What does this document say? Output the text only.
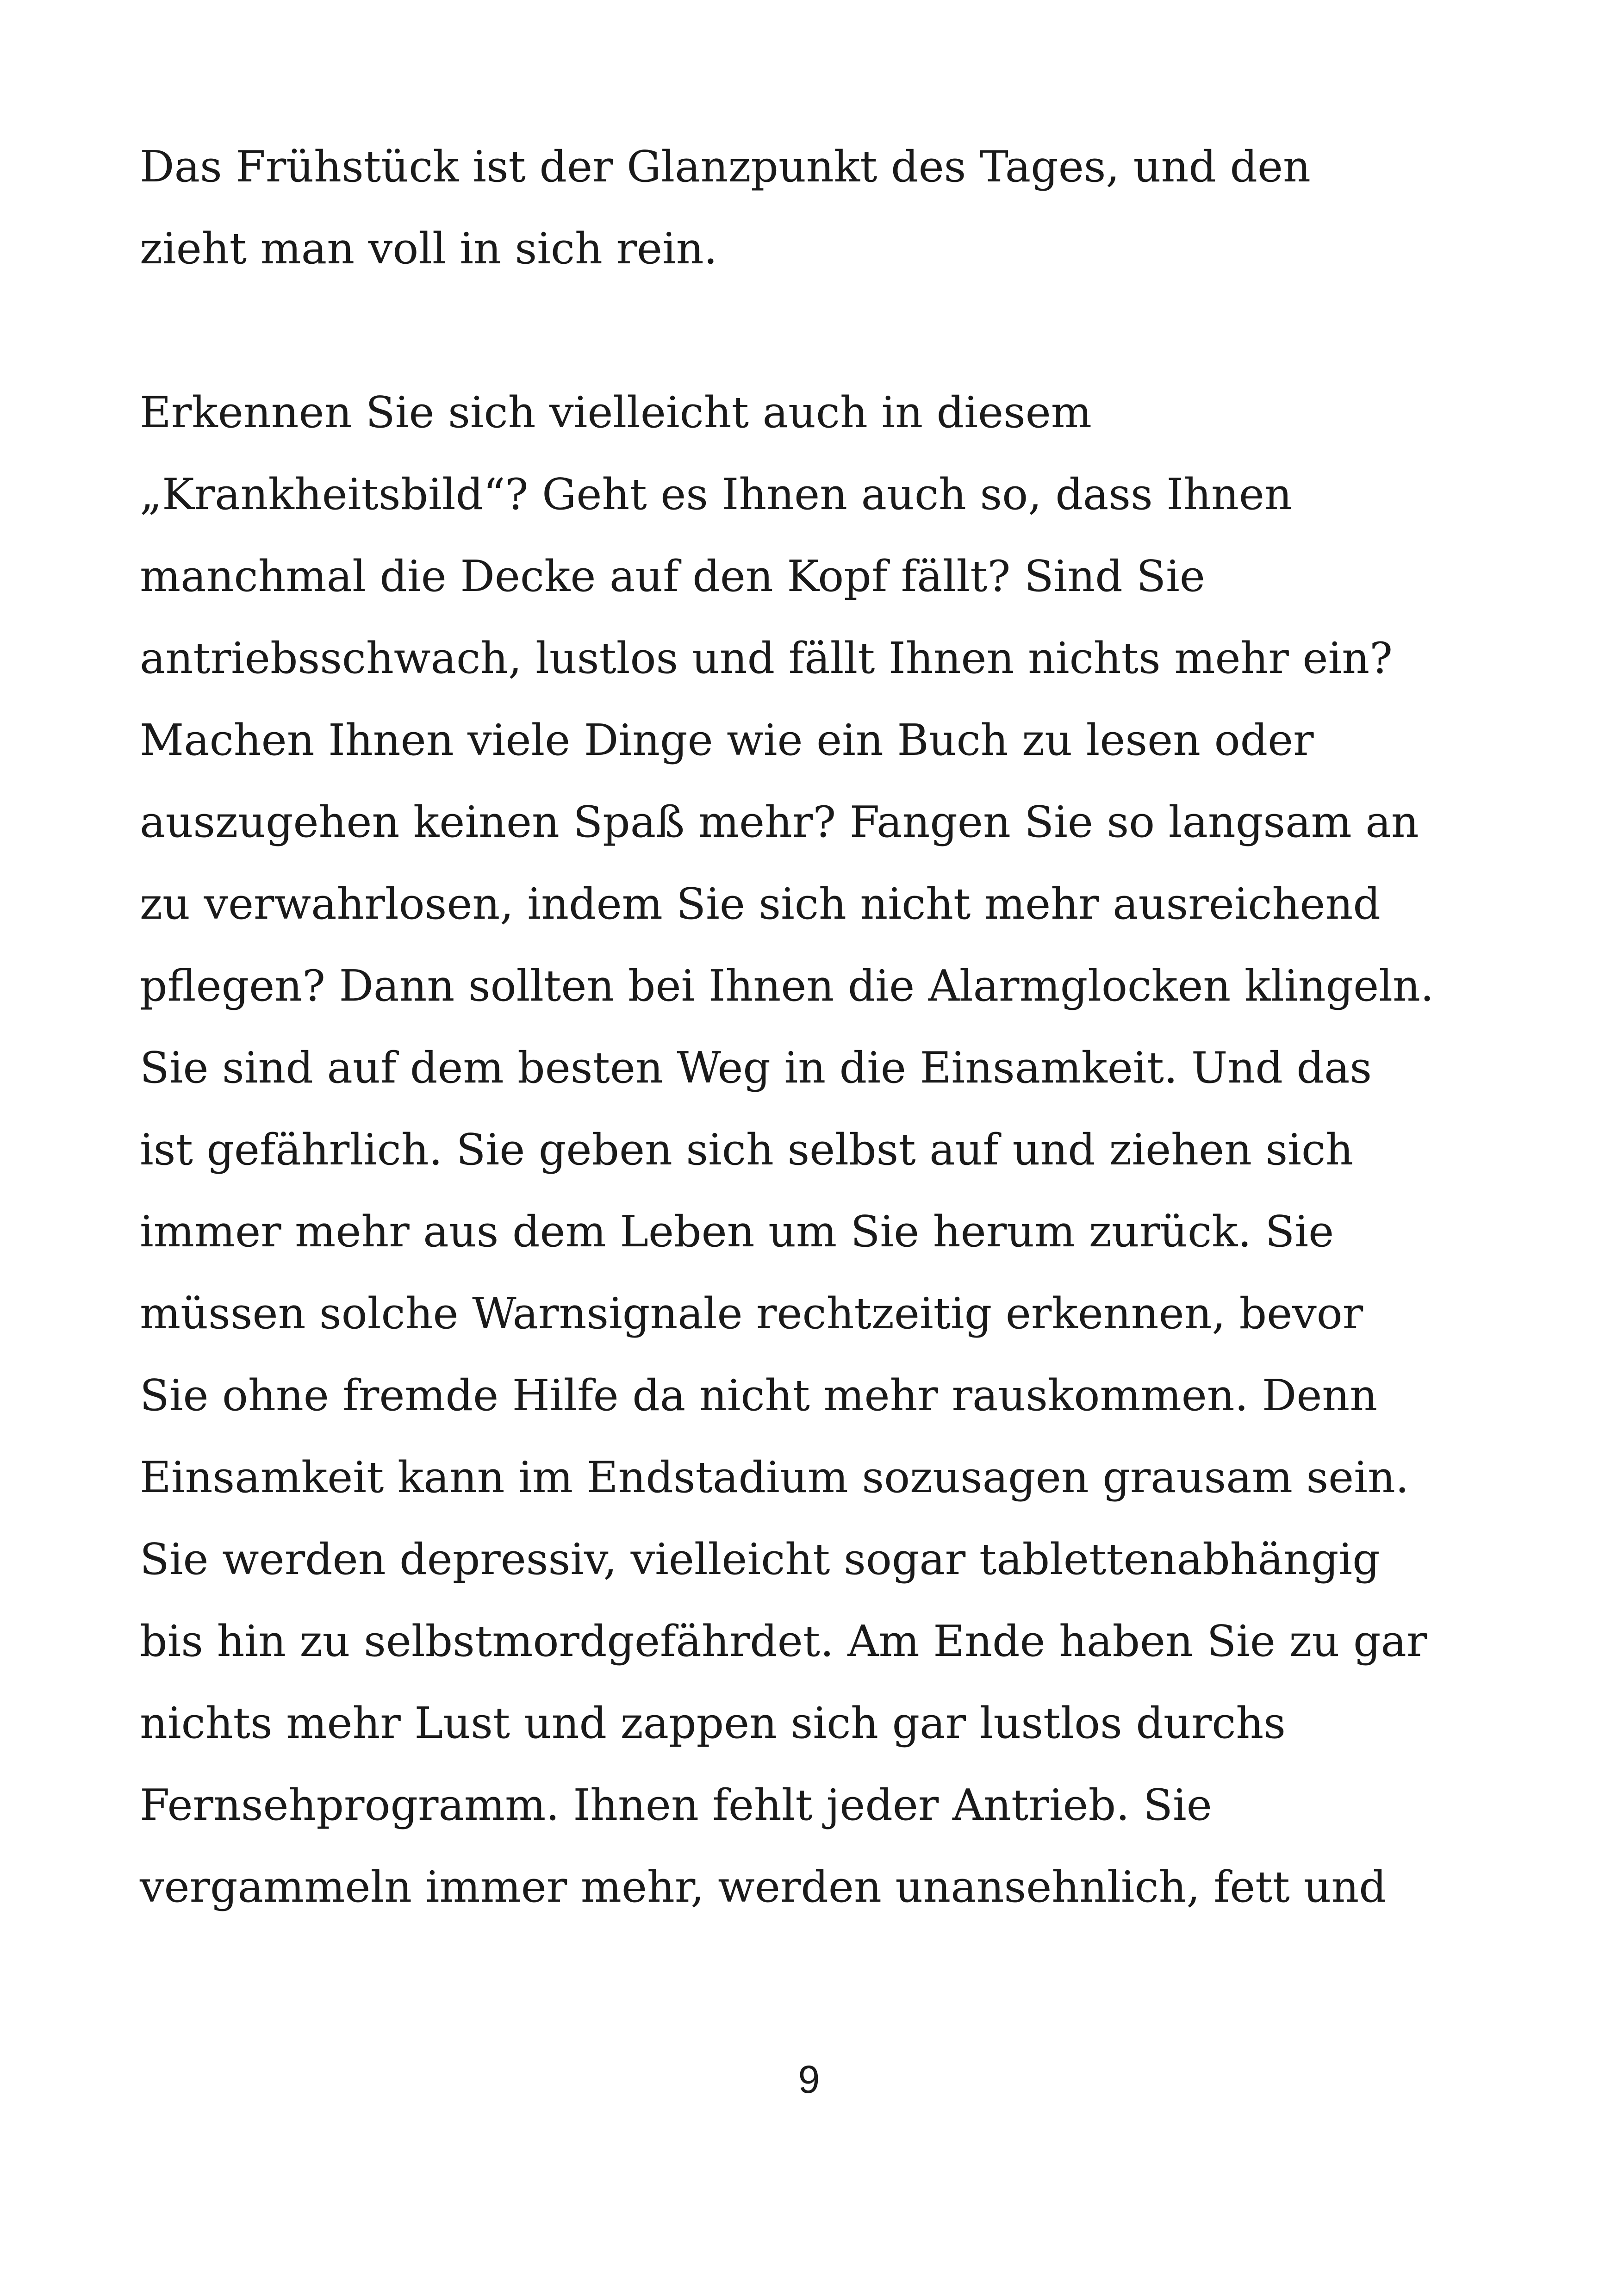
Das Frühstück ist der Glanzpunkt des Tages, und den
zieht man voll in sich rein.
Erkennen Sie sich vielleicht auch in diesem
„Krankheitsbild“? Geht es Ihnen auch so, dass Ihnen
manchmal die Decke auf den Kopf fällt? Sind Sie
antriebsschwach, lustlos und fällt Ihnen nichts mehr ein?
Machen Ihnen viele Dinge wie ein Buch zu lesen oder
auszugehen keinen Spaß mehr? Fangen Sie so langsam an
zu verwahrlosen, indem Sie sich nicht mehr ausreichend
pflegen? Dann sollten bei Ihnen die Alarmglocken klingeln.
Sie sind auf dem besten Weg in die Einsamkeit. Und das
ist gefährlich. Sie geben sich selbst auf und ziehen sich
immer mehr aus dem Leben um Sie herum zurück. Sie
müssen solche Warnsignale rechtzeitig erkennen, bevor
Sie ohne fremde Hilfe da nicht mehr rauskommen. Denn
Einsamkeit kann im Endstadium sozusagen grausam sein.
Sie werden depressiv, vielleicht sogar tablettenabhängig
bis hin zu selbstmordgefährdet. Am Ende haben Sie zu gar
nichts mehr Lust und zappen sich gar lustlos durchs
Fernsehprogramm. Ihnen fehlt jeder Antrieb. Sie
vergammeln immer mehr, werden unansehnlich, fett und
9
